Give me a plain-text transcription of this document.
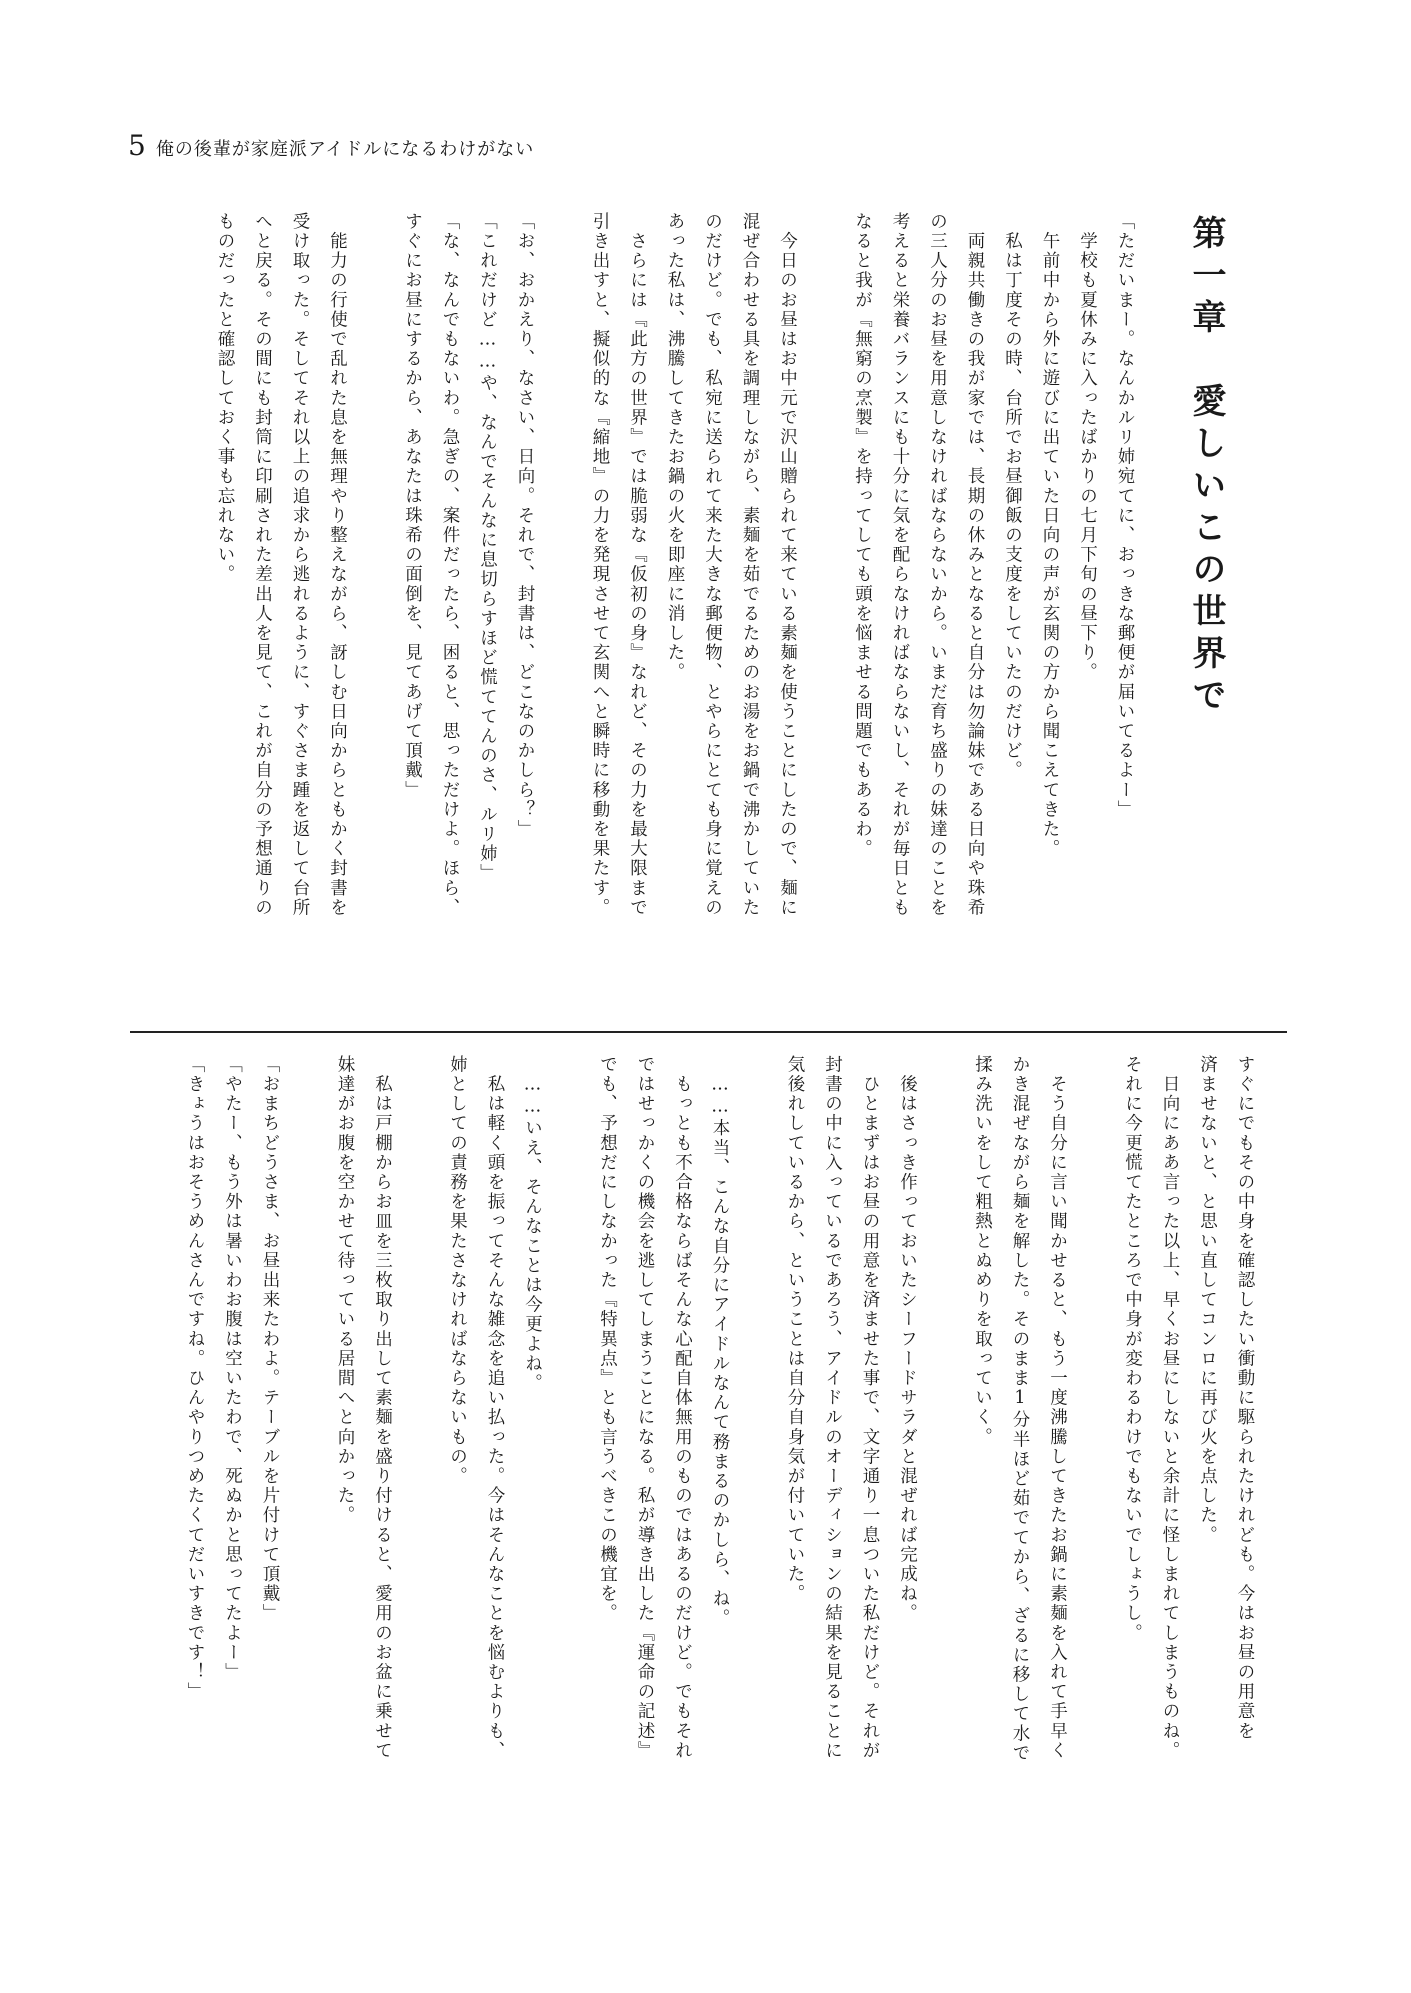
5 俺の後輩が家庭派アイドルになるわけがない
第一章　愛しいこの世界で
「ただいまー。なんかルリ姉宛てに、おっきな郵便が届いてるよー」
　学校も夏休みに入ったばかりの七月下旬の昼下り。
　午前中から外に遊びに出ていた日向の声が玄関の方から聞こえてきた。
　私は丁度その時、台所でお昼御飯の支度をしていたのだけど。
　両親共働きの我が家では、長期の休みとなると自分は勿論妹である日向や珠希
の三人分のお昼を用意しなければならないから。いまだ育ち盛りの妹達のことを
考えると栄養バランスにも十分に気を配らなければならないし、それが毎日とも
なると我が『無窮の烹製』を持ってしても頭を悩ませる問題でもあるわ。

　今日のお昼はお中元で沢山贈られて来ている素麺を使うことにしたので、麺に
混ぜ合わせる具を調理しながら、素麺を茹でるためのお湯をお鍋で沸かしていた
のだけど。でも、私宛に送られて来た大きな郵便物、とやらにとても身に覚えの
あった私は、沸騰してきたお鍋の火を即座に消した。
　さらには『此方の世界』では脆弱な『仮初の身』なれど、その力を最大限まで
引き出すと、擬似的な『縮地』の力を発現させて玄関へと瞬時に移動を果たす。

「お、おかえり、なさい、日向。それで、封書は、どこなのかしら？」
「これだけど……や、なんでそんなに息切らすほど慌ててんのさ、ルリ姉」
「な、なんでもないわ。急ぎの、案件だったら、困ると、思っただけよ。ほら、
すぐにお昼にするから、あなたは珠希の面倒を、見てあげて頂戴」

　能力の行使で乱れた息を無理やり整えながら、訝しむ日向からともかく封書を
受け取った。そしてそれ以上の追求から逃れるように、すぐさま踵を返して台所
へと戻る。その間にも封筒に印刷された差出人を見て、これが自分の予想通りの
ものだったと確認しておく事も忘れない。
すぐにでもその中身を確認したい衝動に駆られたけれども。今はお昼の用意を
済ませないと、と思い直してコンロに再び火を点した。
　日向にああ言った以上、早くお昼にしないと余計に怪しまれてしまうものね。
それに今更慌てたところで中身が変わるわけでもないでしょうし。

　そう自分に言い聞かせると、もう一度沸騰してきたお鍋に素麺を入れて手早く
かき混ぜながら麺を解した。そのまま1分半ほど茹でてから、ざるに移して水で
揉み洗いをして粗熱とぬめりを取っていく。

　後はさっき作っておいたシーフードサラダと混ぜれば完成ね。
　ひとまずはお昼の用意を済ませた事で、文字通り一息ついた私だけど。それが
封書の中に入っているであろう、アイドルのオーディションの結果を見ることに
気後れしているから、ということは自分自身気が付いていた。

　……本当、こんな自分にアイドルなんて務まるのかしら、ね。
　もっとも不合格ならばそんな心配自体無用のものではあるのだけど。でもそれ
ではせっかくの機会を逃してしまうことになる。私が導き出した『運命の記述』
でも、予想だにしなかった『特異点』とも言うべきこの機宜を。

　……いえ、そんなことは今更よね。
　私は軽く頭を振ってそんな雑念を追い払った。今はそんなことを悩むよりも、
姉としての責務を果たさなければならないもの。

　私は戸棚からお皿を三枚取り出して素麺を盛り付けると、愛用のお盆に乗せて
妹達がお腹を空かせて待っている居間へと向かった。

「おまちどうさま、お昼出来たわよ。テーブルを片付けて頂戴」
「やたー、もう外は暑いわお腹は空いたわで、死ぬかと思ってたよー」
「きょうはおそうめんさんですね。ひんやりつめたくてだいすきです！」
